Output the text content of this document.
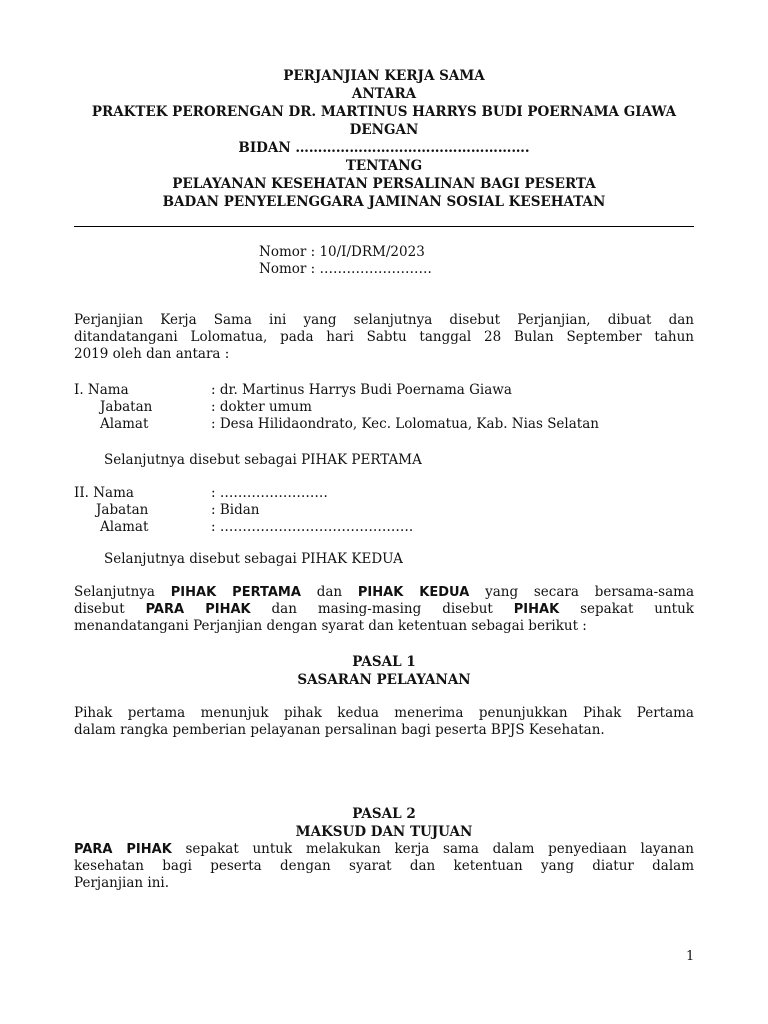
PERJANJIAN KERJA SAMA
ANTARA
PRAKTEK PERORENGAN DR. MARTINUS HARRYS BUDI POERNAMA GIAWA
DENGAN
BIDAN …………………………………………….
TENTANG
PELAYANAN KESEHATAN PERSALINAN BAGI PESERTA
BADAN PENYELENGGARA JAMINAN SOSIAL KESEHATAN
Nomor : 10/I/DRM/2023
Nomor : …………………….
Perjanjian Kerja Sama ini yang selanjutnya disebut Perjanjian, dibuat dan
ditandatangani Lolomatua, pada hari Sabtu tanggal 28 Bulan September tahun
2019 oleh dan antara :
I. Nama	: dr. Martinus Harrys Budi Poernama Giawa
Jabatan	: dokter umum
Alamat	: Desa Hilidaondrato, Kec. Lolomatua, Kab. Nias Selatan
Selanjutnya disebut sebagai PIHAK PERTAMA
II. Nama	: ……………………
Jabatan	: Bidan
Alamat	: …………………………………….
Selanjutnya disebut sebagai PIHAK KEDUA
Selanjutnya PIHAK PERTAMA dan PIHAK KEDUA yang secara bersama-sama
disebut PARA PIHAK dan masing-masing disebut PIHAK sepakat untuk
menandatangani Perjanjian dengan syarat dan ketentuan sebagai berikut :
PASAL 1
SASARAN PELAYANAN
Pihak pertama menunjuk pihak kedua menerima penunjukkan Pihak Pertama
dalam rangka pemberian pelayanan persalinan bagi peserta BPJS Kesehatan.
PASAL 2
MAKSUD DAN TUJUAN
PARA PIHAK sepakat untuk melakukan kerja sama dalam penyediaan layanan
kesehatan bagi peserta dengan syarat dan ketentuan yang diatur dalam
Perjanjian ini.
1
